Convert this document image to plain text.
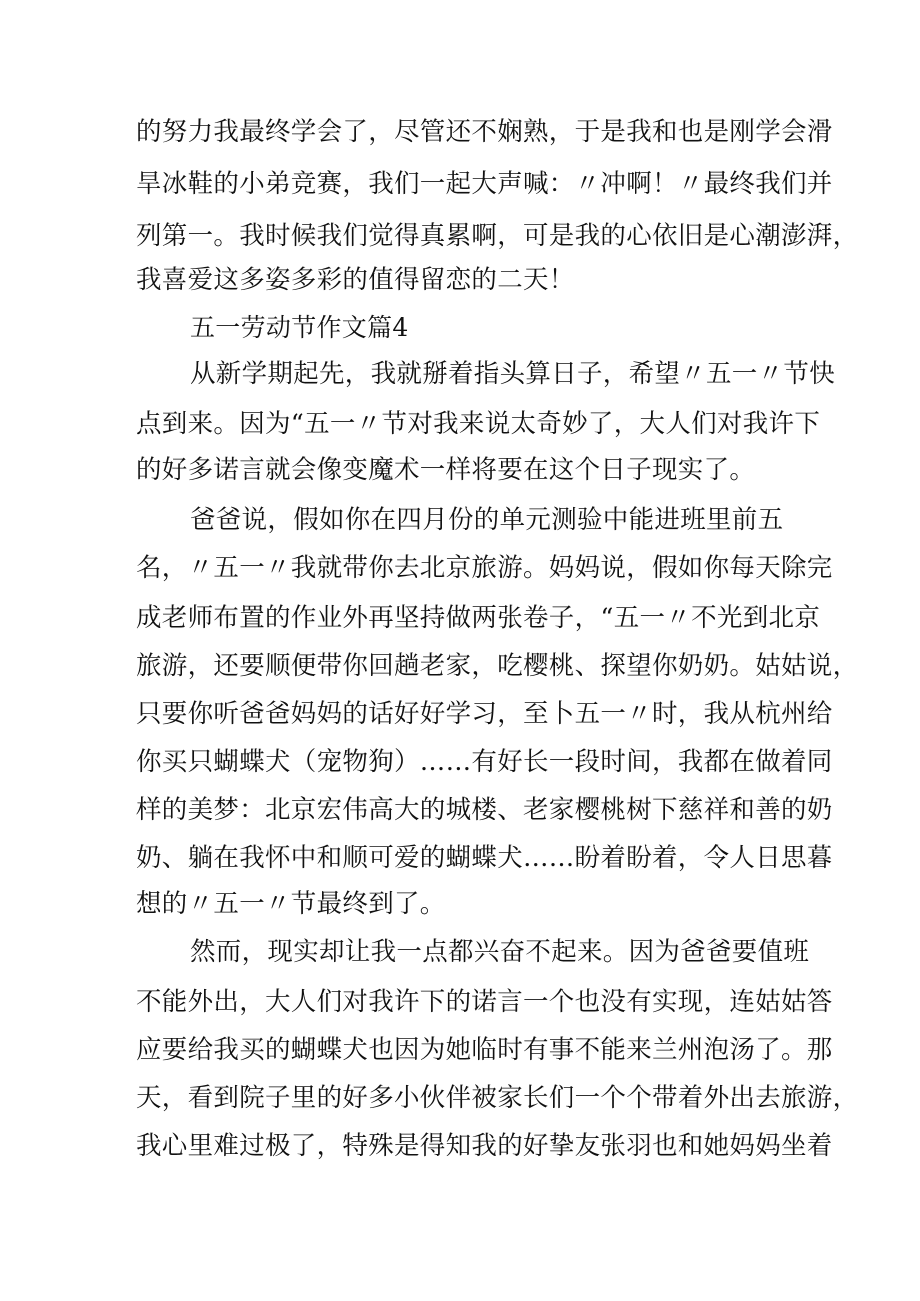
的努力我最终学会了，尽管还不娴熟，于是我和也是刚学会滑
旱冰鞋的小弟竞赛，我们一起大声喊：〃冲啊！〃最终我们并
列第一。我时候我们觉得真累啊，可是我的心依旧是心潮澎湃，
我喜爱这多姿多彩的值得留恋的二天！
五一劳动节作文篇4
从新学期起先，我就掰着指头算日子，希望〃五一〃节快
点到来。因为“五一〃节对我来说太奇妙了，大人们对我许下
的好多诺言就会像变魔术一样将要在这个日子现实了。
爸爸说，假如你在四月份的单元测验中能进班里前五
名，〃五一〃我就带你去北京旅游。妈妈说，假如你每天除完
成老师布置的作业外再坚持做两张卷子，“五一〃不光到北京
旅游，还要顺便带你回趟老家，吃樱桃、探望你奶奶。姑姑说，
只要你听爸爸妈妈的话好好学习，至卜五一〃时，我从杭州给
你买只蝴蝶犬（宠物狗）……有好长一段时间，我都在做着同
样的美梦：北京宏伟高大的城楼、老家樱桃树下慈祥和善的奶
奶、躺在我怀中和顺可爱的蝴蝶犬……盼着盼着，令人日思暮
想的〃五一〃节最终到了。
然而，现实却让我一点都兴奋不起来。因为爸爸要值班
不能外出，大人们对我许下的诺言一个也没有实现，连姑姑答
应要给我买的蝴蝶犬也因为她临时有事不能来兰州泡汤了。那
天，看到院子里的好多小伙伴被家长们一个个带着外出去旅游，
我心里难过极了，特殊是得知我的好挚友张羽也和她妈妈坐着
